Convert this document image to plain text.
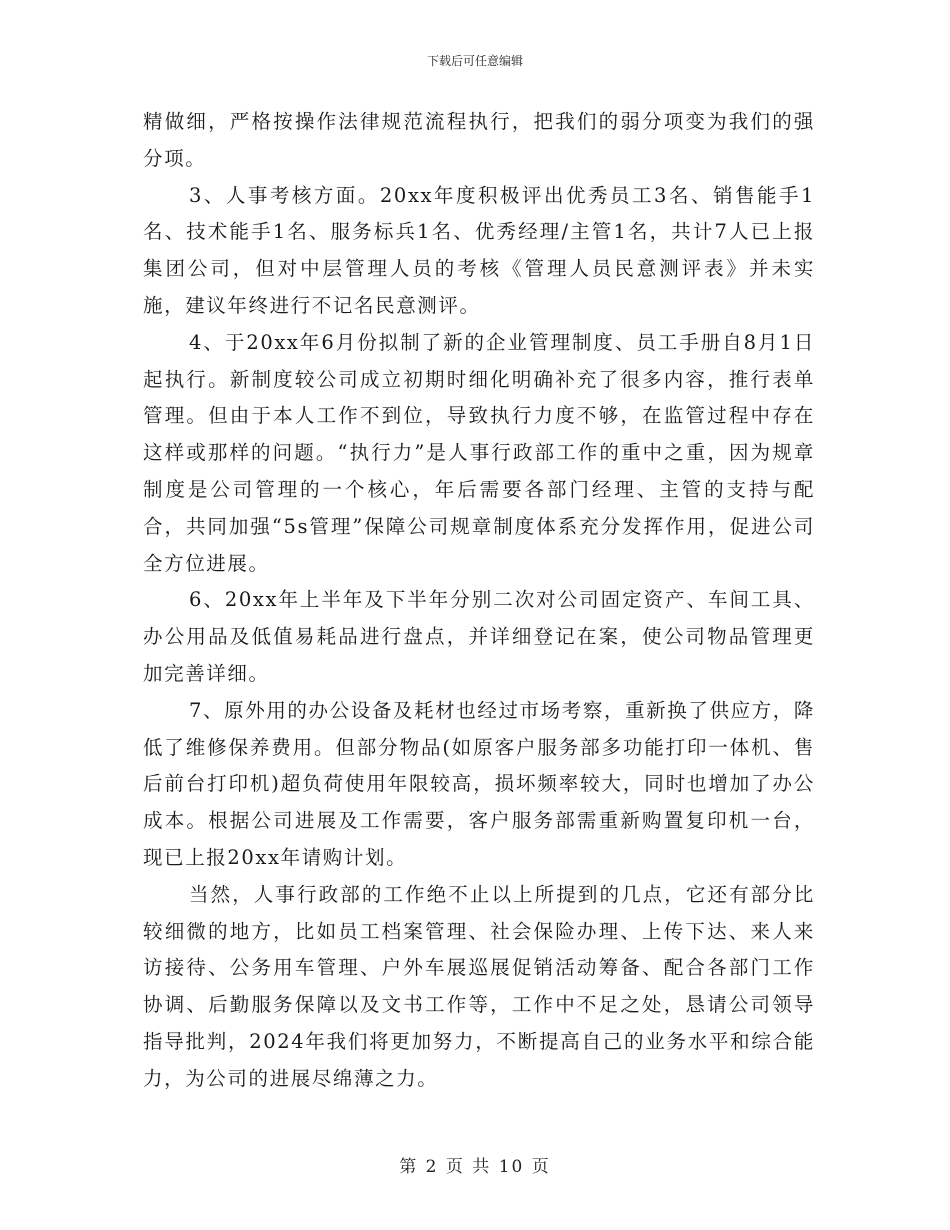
下载后可任意编辑

精做细，严格按操作法律规范流程执行，把我们的弱分项变为我们的强分项。

3、人事考核方面。20xx年度积极评出优秀员工3名、销售能手1名、技术能手1名、服务标兵1名、优秀经理/主管1名，共计7人已上报集团公司，但对中层管理人员的考核《管理人员民意测评表》并未实施，建议年终进行不记名民意测评。

4、于20xx年6月份拟制了新的企业管理制度、员工手册自8月1日起执行。新制度较公司成立初期时细化明确补充了很多内容，推行表单管理。但由于本人工作不到位，导致执行力度不够，在监管过程中存在这样或那样的问题。“执行力”是人事行政部工作的重中之重，因为规章制度是公司管理的一个核心，年后需要各部门经理、主管的支持与配合，共同加强“5s管理”保障公司规章制度体系充分发挥作用，促进公司全方位进展。

6、20xx年上半年及下半年分别二次对公司固定资产、车间工具、办公用品及低值易耗品进行盘点，并详细登记在案，使公司物品管理更加完善详细。

7、原外用的办公设备及耗材也经过市场考察，重新换了供应方，降低了维修保养费用。但部分物品(如原客户服务部多功能打印一体机、售后前台打印机)超负荷使用年限较高，损坏频率较大，同时也增加了办公成本。根据公司进展及工作需要，客户服务部需重新购置复印机一台，现已上报20xx年请购计划。

当然，人事行政部的工作绝不止以上所提到的几点，它还有部分比较细微的地方，比如员工档案管理、社会保险办理、上传下达、来人来访接待、公务用车管理、户外车展巡展促销活动筹备、配合各部门工作协调、后勤服务保障以及文书工作等，工作中不足之处，恳请公司领导指导批判，2024年我们将更加努力，不断提高自己的业务水平和综合能力，为公司的进展尽绵薄之力。

第 2 页 共 10 页
